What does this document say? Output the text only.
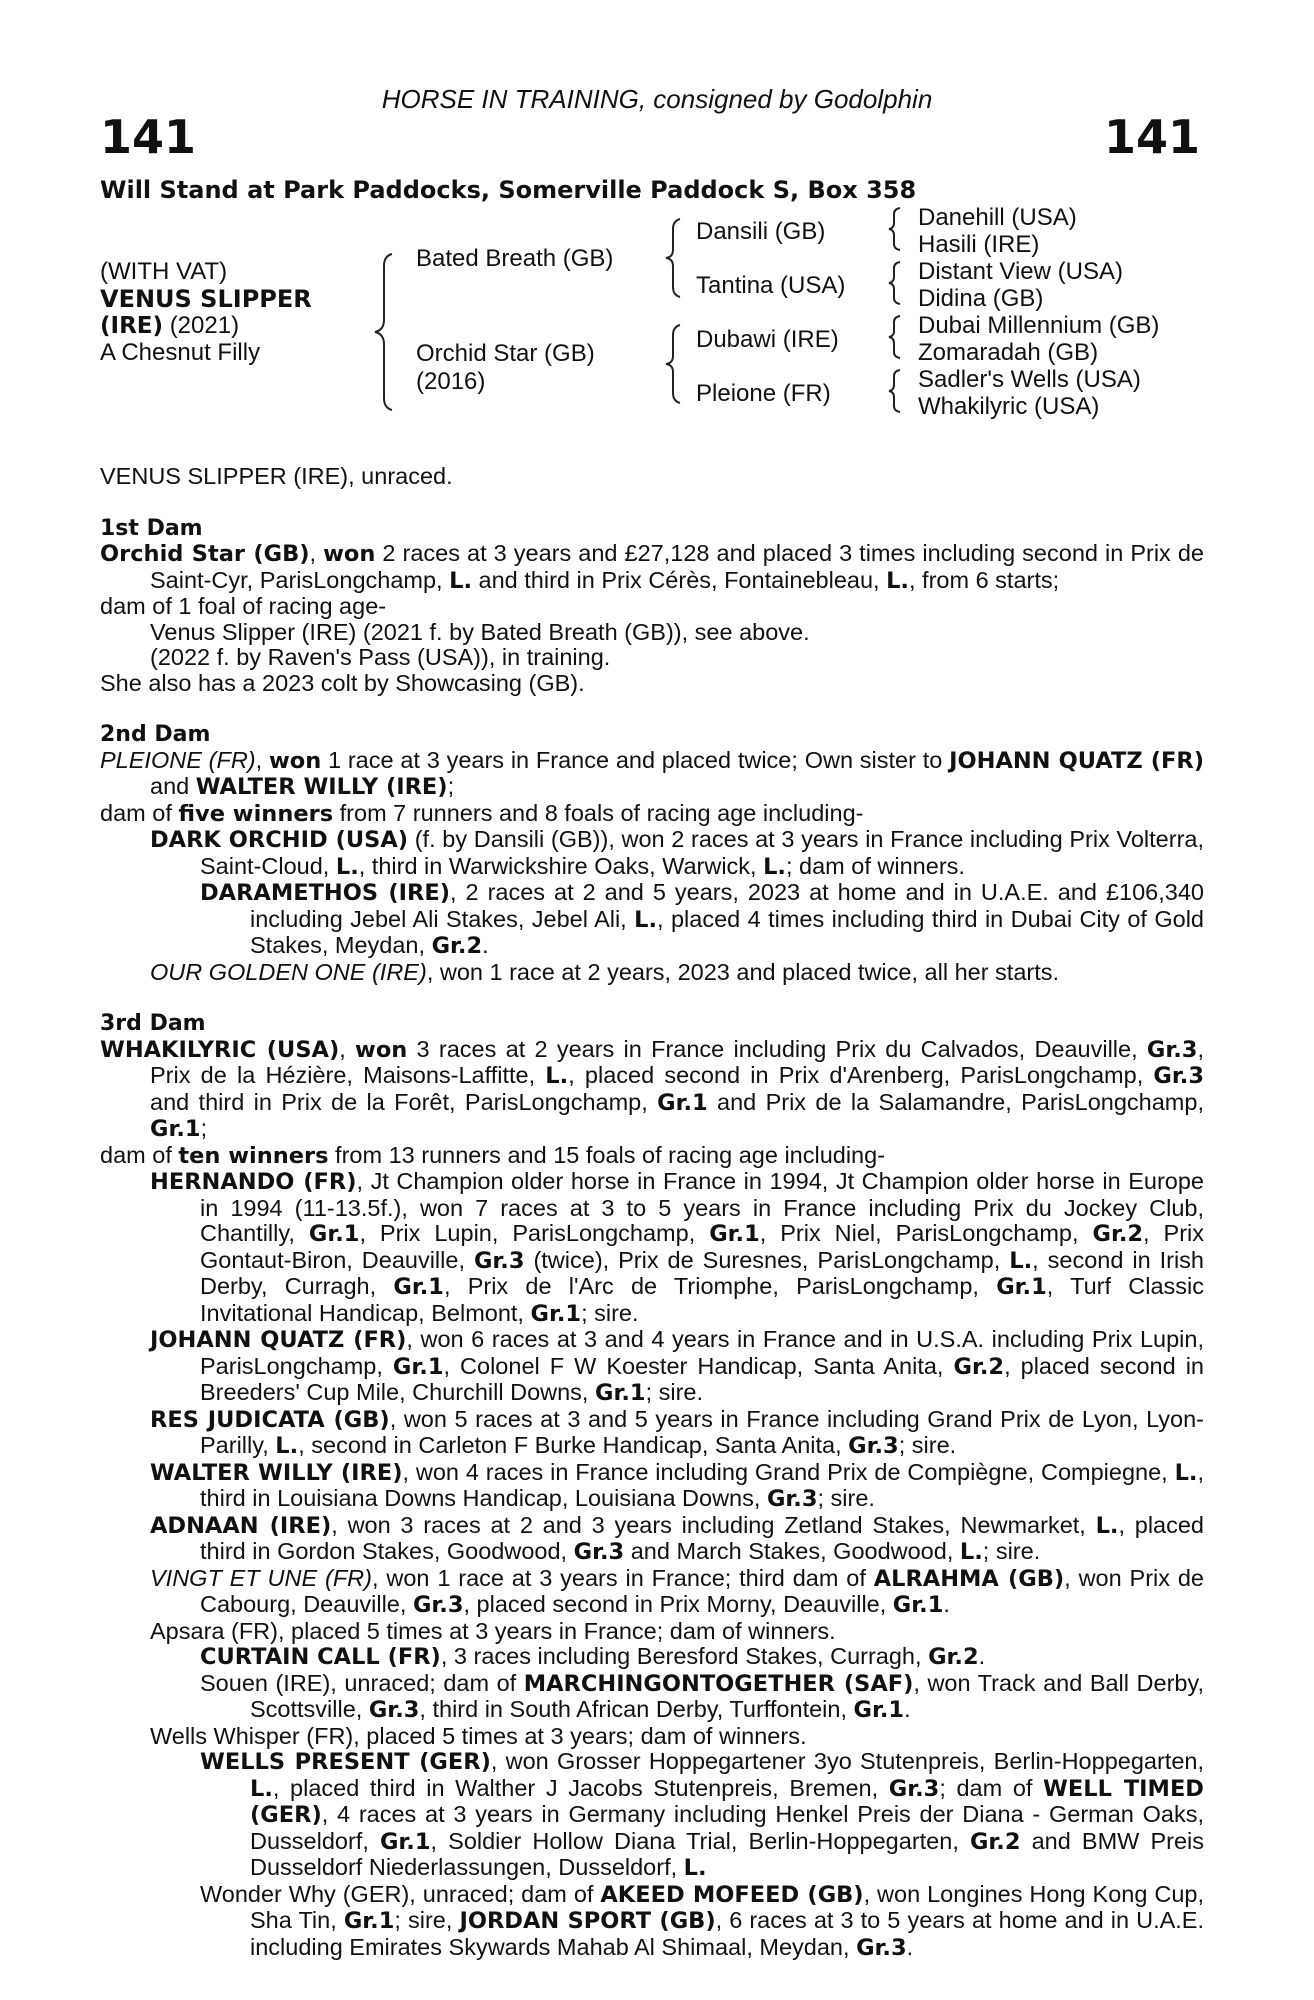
HORSE IN TRAINING, consigned by Godolphin
141	141
Will Stand at Park Paddocks, Somerville Paddock S, Box 358
(WITH VAT)
VENUS SLIPPER
(IRE) (2021)
A Chesnut Filly
Bated Breath (GB)
Orchid Star (GB)
(2016)
Dansili (GB)
Tantina (USA)
Dubawi (IRE)
Pleione (FR)
Danehill (USA)
Hasili (IRE)
Distant View (USA)
Didina (GB)
Dubai Millennium (GB)
Zomaradah (GB)
Sadler's Wells (USA)
Whakilyric (USA)

VENUS SLIPPER (IRE), unraced.

1st Dam

Orchid Star (GB), won 2 races at 3 years and £27,128 and placed 3 times including second in Prix de Saint-Cyr, ParisLongchamp, L. and third in Prix Cérès, Fontainebleau, L., from 6 starts;

dam of 1 foal of racing age-

Venus Slipper (IRE) (2021 f. by Bated Breath (GB)), see above.

(2022 f. by Raven's Pass (USA)), in training.

She also has a 2023 colt by Showcasing (GB).

2nd Dam

PLEIONE (FR), won 1 race at 3 years in France and placed twice; Own sister to JOHANN QUATZ (FR) and WALTER WILLY (IRE);

dam of five winners from 7 runners and 8 foals of racing age including-

DARK ORCHID (USA) (f. by Dansili (GB)), won 2 races at 3 years in France including Prix Volterra, Saint-Cloud, L., third in Warwickshire Oaks, Warwick, L.; dam of winners.

DARAMETHOS (IRE), 2 races at 2 and 5 years, 2023 at home and in U.A.E. and £106,340 including Jebel Ali Stakes, Jebel Ali, L., placed 4 times including third in Dubai City of Gold Stakes, Meydan, Gr.2.

OUR GOLDEN ONE (IRE), won 1 race at 2 years, 2023 and placed twice, all her starts.

3rd Dam

WHAKILYRIC (USA), won 3 races at 2 years in France including Prix du Calvados, Deauville, Gr.3, Prix de la Hézière, Maisons-Laffitte, L., placed second in Prix d'Arenberg, ParisLongchamp, Gr.3 and third in Prix de la Forêt, ParisLongchamp, Gr.1 and Prix de la Salamandre, ParisLongchamp, Gr.1;

dam of ten winners from 13 runners and 15 foals of racing age including-

HERNANDO (FR), Jt Champion older horse in France in 1994, Jt Champion older horse in Europe in 1994 (11-13.5f.), won 7 races at 3 to 5 years in France including Prix du Jockey Club, Chantilly, Gr.1, Prix Lupin, ParisLongchamp, Gr.1, Prix Niel, ParisLongchamp, Gr.2, Prix Gontaut-Biron, Deauville, Gr.3 (twice), Prix de Suresnes, ParisLongchamp, L., second in Irish Derby, Curragh, Gr.1, Prix de l'Arc de Triomphe, ParisLongchamp, Gr.1, Turf Classic Invitational Handicap, Belmont, Gr.1; sire.

JOHANN QUATZ (FR), won 6 races at 3 and 4 years in France and in U.S.A. including Prix Lupin, ParisLongchamp, Gr.1, Colonel F W Koester Handicap, Santa Anita, Gr.2, placed second in Breeders' Cup Mile, Churchill Downs, Gr.1; sire.

RES JUDICATA (GB), won 5 races at 3 and 5 years in France including Grand Prix de Lyon, Lyon-Parilly, L., second in Carleton F Burke Handicap, Santa Anita, Gr.3; sire.

WALTER WILLY (IRE), won 4 races in France including Grand Prix de Compiègne, Compiegne, L., third in Louisiana Downs Handicap, Louisiana Downs, Gr.3; sire.

ADNAAN (IRE), won 3 races at 2 and 3 years including Zetland Stakes, Newmarket, L., placed third in Gordon Stakes, Goodwood, Gr.3 and March Stakes, Goodwood, L.; sire.

VINGT ET UNE (FR), won 1 race at 3 years in France; third dam of ALRAHMA (GB), won Prix de Cabourg, Deauville, Gr.3, placed second in Prix Morny, Deauville, Gr.1.

Apsara (FR), placed 5 times at 3 years in France; dam of winners.

CURTAIN CALL (FR), 3 races including Beresford Stakes, Curragh, Gr.2.

Souen (IRE), unraced; dam of MARCHINGONTOGETHER (SAF), won Track and Ball Derby, Scottsville, Gr.3, third in South African Derby, Turffontein, Gr.1.

Wells Whisper (FR), placed 5 times at 3 years; dam of winners.

WELLS PRESENT (GER), won Grosser Hoppegartener 3yo Stutenpreis, Berlin-Hoppegarten, L., placed third in Walther J Jacobs Stutenpreis, Bremen, Gr.3; dam of WELL TIMED (GER), 4 races at 3 years in Germany including Henkel Preis der Diana - German Oaks, Dusseldorf, Gr.1, Soldier Hollow Diana Trial, Berlin-Hoppegarten, Gr.2 and BMW Preis Dusseldorf Niederlassungen, Dusseldorf, L.

Wonder Why (GER), unraced; dam of AKEED MOFEED (GB), won Longines Hong Kong Cup, Sha Tin, Gr.1; sire, JORDAN SPORT (GB), 6 races at 3 to 5 years at home and in U.A.E. including Emirates Skywards Mahab Al Shimaal, Meydan, Gr.3.
